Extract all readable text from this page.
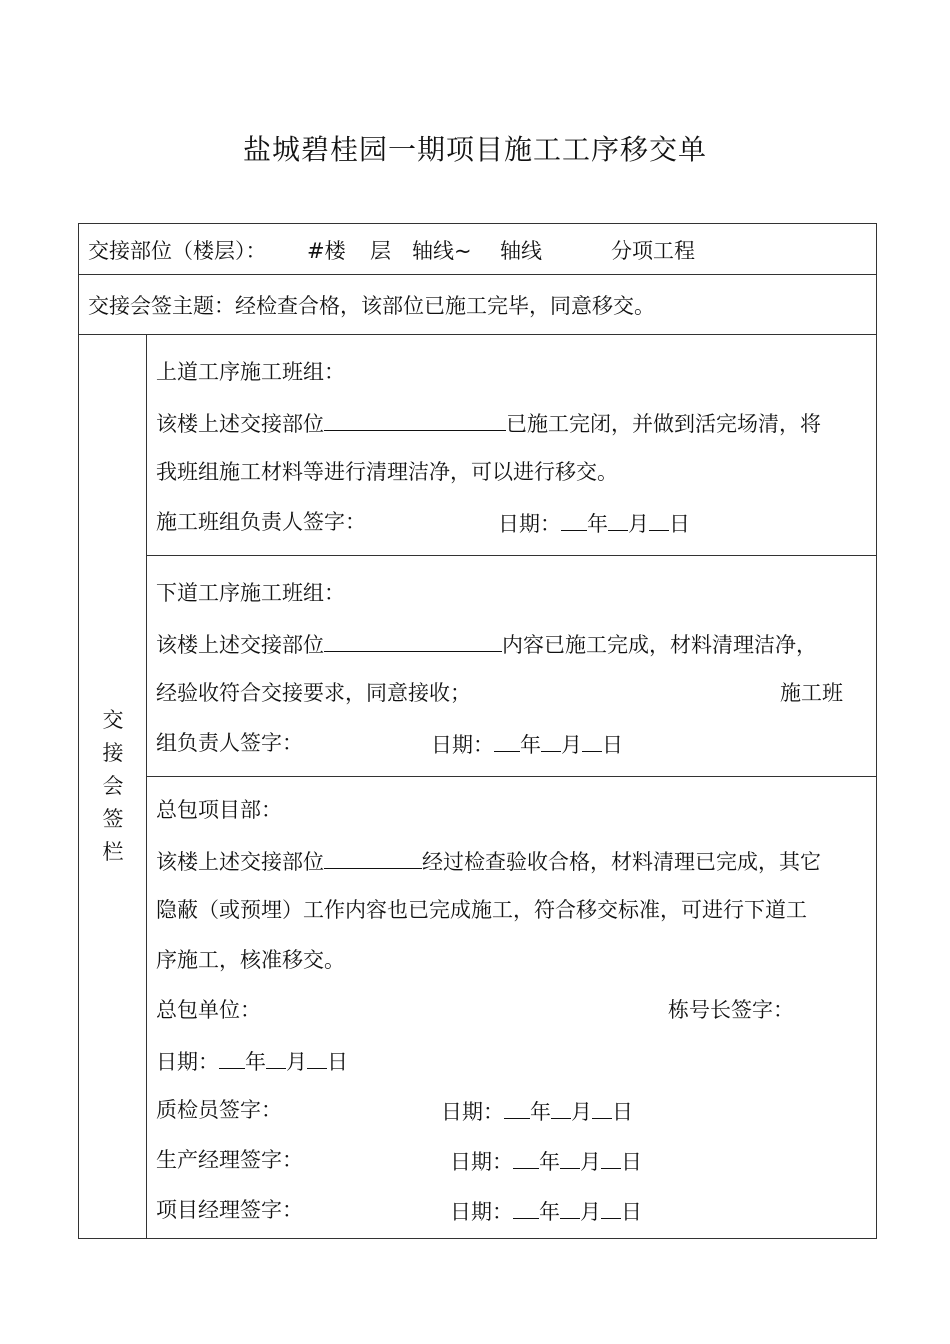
盐城碧桂园一期项目施工工序移交单
交接部位（楼层）： #楼 层 轴线~ 轴线	分项工程
交接会签主题：经检查合格，该部位已施工完毕，同意移交。
交
接
会
签
栏
上道工序施工班组：
该楼上述交接部位	已施工完闭，并做到活完场清，将
我班组施工材料等进行清理洁净，可以进行移交。
施工班组负责人签字：	日期： 年 月 日
下道工序施工班组：
该楼上述交接部位	内容已施工完成，材料清理洁净，
经验收符合交接要求，同意接收；	施工班
组负责人签字：	日期： 年 月 日
总包项目部：
该楼上述交接部位	经过检查验收合格，材料清理已完成，其它
隐蔽（或预埋）工作内容也已完成施工，符合移交标准，可进行下道工
序施工，核准移交。
总包单位：	栋号长签字：
日期： 年 月 日
质检员签字：	日期： 年 月 日
生产经理签字：	日期： 年 月 日
项目经理签字：	日期： 年 月 日
